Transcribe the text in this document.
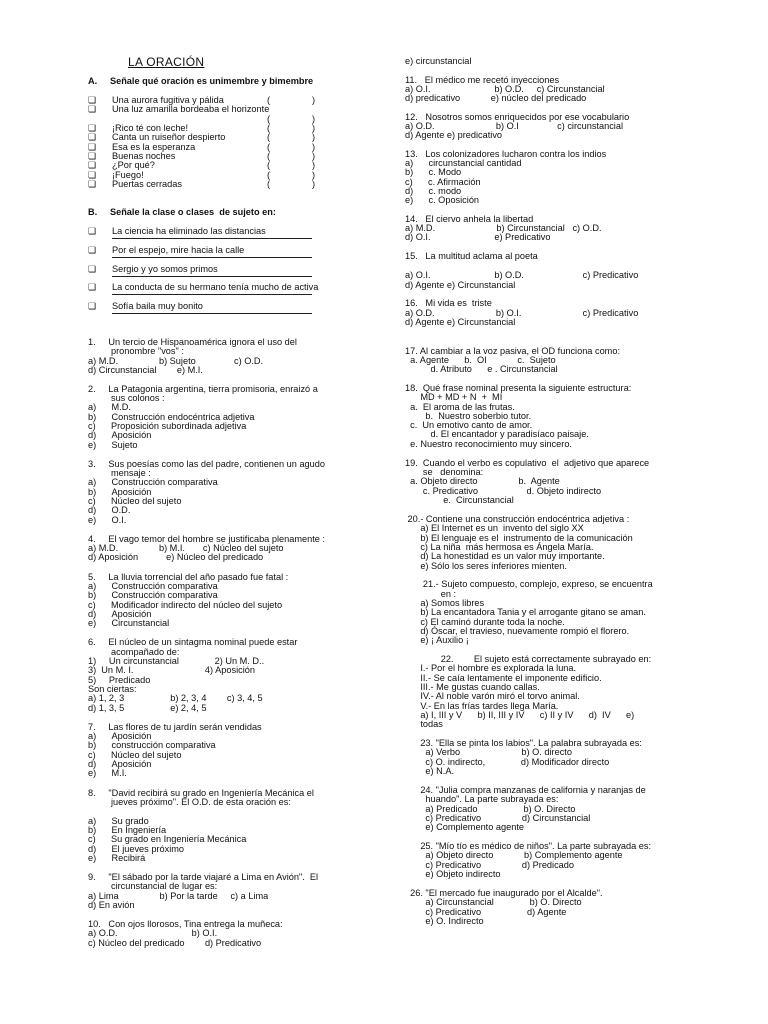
LA ORACIÓN
A.     Señale qué oración es unimembre y bimembre
❏ Una aurora fugitiva y pálida	(	)
❏ Una luz amarilla bordeaba el horizonte
(	)
❏ ¡Rico té con leche!	(	)
❏ Canta un ruiseñor despierto	(	)
❏ Esa es la esperanza	(	)
❏ Buenas noches	(	)
❏ ¿Por qué?	(	)
❏ ¡Fuego!	(	)
❏ Puertas cerradas	(	)
B.     Señale la clase o clases  de sujeto en:
❏ La ciencia ha eliminado las distancias
❏ Por el espejo, mire hacia la calle
❏ Sergio y yo somos primos
❏ La conducta de su hermano tenía mucho de activa
❏ Sofía baila muy bonito
1.     Un tercio de Hispanoamérica ignora el uso del
pronombre "vos" :
a) M.D.                b) Sujeto               c) O.D.
d) Circunstancial        e) M.I.
2.     La Patagonia argentina, tierra promisoria, enraizó a
sus colonos :
a)      M.D.
b)      Construcción endocéntrica adjetiva
c)      Proposición subordinada adjetiva
d)      Aposición
e)      Sujeto
3.     Sus poesías como las del padre, contienen un agudo
mensaje :
a)      Construcción comparativa
b)      Aposición
c)      Núcleo del sujeto
d)      O.D.
e)      O.I.
4.     El vago temor del hombre se justificaba plenamente :
a) M.D.                b) M.I.       c) Núcleo del sujeto
d) Aposición           e) Núcleo del predicado
5.     La lluvia torrencial del año pasado fue fatal :
a)      Construcción comparativa
b)      Construcción comparativa
c)      Modificador indirecto del núcleo del sujeto
d)      Aposición
e)      Circunstancial
6.     El núcleo de un sintagma nominal puede estar
acompañado de:
1)     Un circunstancial              2) Un M. D..
3)  Un M. I.                            4) Aposición
5)     Predicado
Son ciertas:
a) 1, 2, 3                  b) 2, 3, 4        c) 3, 4, 5
d) 1, 3, 5                  e) 2, 4, 5
7.     Las flores de tu jardín serán vendidas
a)      Aposición
b)      construcción comparativa
c)      Núcleo del sujeto
d)      Aposición
e)      M.I.
8.     "David recibirá su grado en Ingeniería Mecánica el
jueves próximo". El O.D. de esta oración es:
a)      Su grado
b)      En Ingeniería
c)      Su grado en Ingeniería Mecánica
d)      El jueves próximo
e)      Recibirá
9.     "El sábado por la tarde viajaré a Lima en Avión".  El
circunstancial de lugar es:
a) Lima                b) Por la tarde     c) a Lima
d) En avión
10.   Con ojos llorosos, Tina entrega la muñeca:
a) O.D.                             b) O.I.
c) Núcleo del predicado        d) Predicativo
e) circunstancial
11.   El médico me recetó inyecciones
a) O.I.                         b) O.D.     c) Circunstancial
d) predicativo            e) núcleo del predicado
12.   Nosotros somos enriquecidos por ese vocabulario
a) O.D.                        b) O.I               c) circunstancial
d) Agente e) predicativo
13.   Los colonizadores lucharon contra los indios
a)      circunstancial cantidad
b)      c. Modo
c)      c. Afirmación
d)      c. modo
e)      c. Oposición
14.   El ciervo anhela la libertad
a) M.D.                        b) Circunstancial   c) O.D.
d) O.I.                         e) Predicativo
15.   La multitud aclama al poeta
a) O.I.                         b) O.D.                       c) Predicativo
d) Agente e) Circunstancial
16.   Mi vida es  triste
a) O.D.                        b) O.I.                        c) Predicativo
d) Agente e) Circunstancial
17. Al cambiar a la voz pasiva, el OD funciona como:
a. Agente      b.  OI            c.  Sujeto
d. Atributo      e . Circunstancial
18.  Qué frase nominal presenta la siguiente estructura:
MD + MD + N  +  MI
a.  El aroma de las frutas.
b.  Nuestro soberbio tutor.
c.  Un emotivo canto de amor.
d. El encantador y paradisíaco paisaje.
e. Nuestro reconocimiento muy sincero.
19.  Cuando el verbo es copulativo  el  adjetivo que aparece
se   denomina:
a. Objeto directo                b.  Agente
c. Predicativo                   d. Objeto indirecto
e.  Circunstancial
20.- Contiene una construcción endocéntrica adjetiva :
a) El Internet es un  invento del siglo XX
b) El lenguaje es el  instrumento de la comunicación
c) La niña  más hermosa es Ángela María.
d) La honestidad es un valor muy importante.
e) Sólo los seres inferiores mienten.
21.- Sujeto compuesto, complejo, expreso, se encuentra
en :
a) Somos libres
b) La encantadora Tania y el arrogante gitano se aman.
c) El caminó durante toda la noche.
d) Óscar, el travieso, nuevamente rompió el florero.
e) ¡ Auxilio ¡
22.        El sujeto está correctamente subrayado en:
I.- Por el hombre es explorada la luna.
II.- Se caía lentamente el imponente edificio.
III.- Me gustas cuando callas.
IV.- Al noble varón miró el torvo animal.
V.- En las frías tardes llega María.
a) I, III y V      b) II, III y IV      c) II y IV      d)  IV      e)
todas
23. "Ella se pinta los labios". La palabra subrayada es:
a) Verbo                        b) O. directo
c) O. indirecto,              d) Modificador directo
e) N.A.
24. "Julia compra manzanas de california y naranjas de
huando". La parte subrayada es:
a) Predicado                  b) O. Directo
c) Predicativo                d) Circunstancial
e) Complemento agente
25. "Mío tío es médico de niños". La parte subrayada es:
a) Objeto directo            b) Complemento agente
c) Predicativo                d) Predicado
e) Objeto indirecto
26. "El mercado fue inaugurado por el Alcalde".
a) Circunstancial              b) O. Directo
c) Predicativo                  d) Agente
e) O. Indirecto
